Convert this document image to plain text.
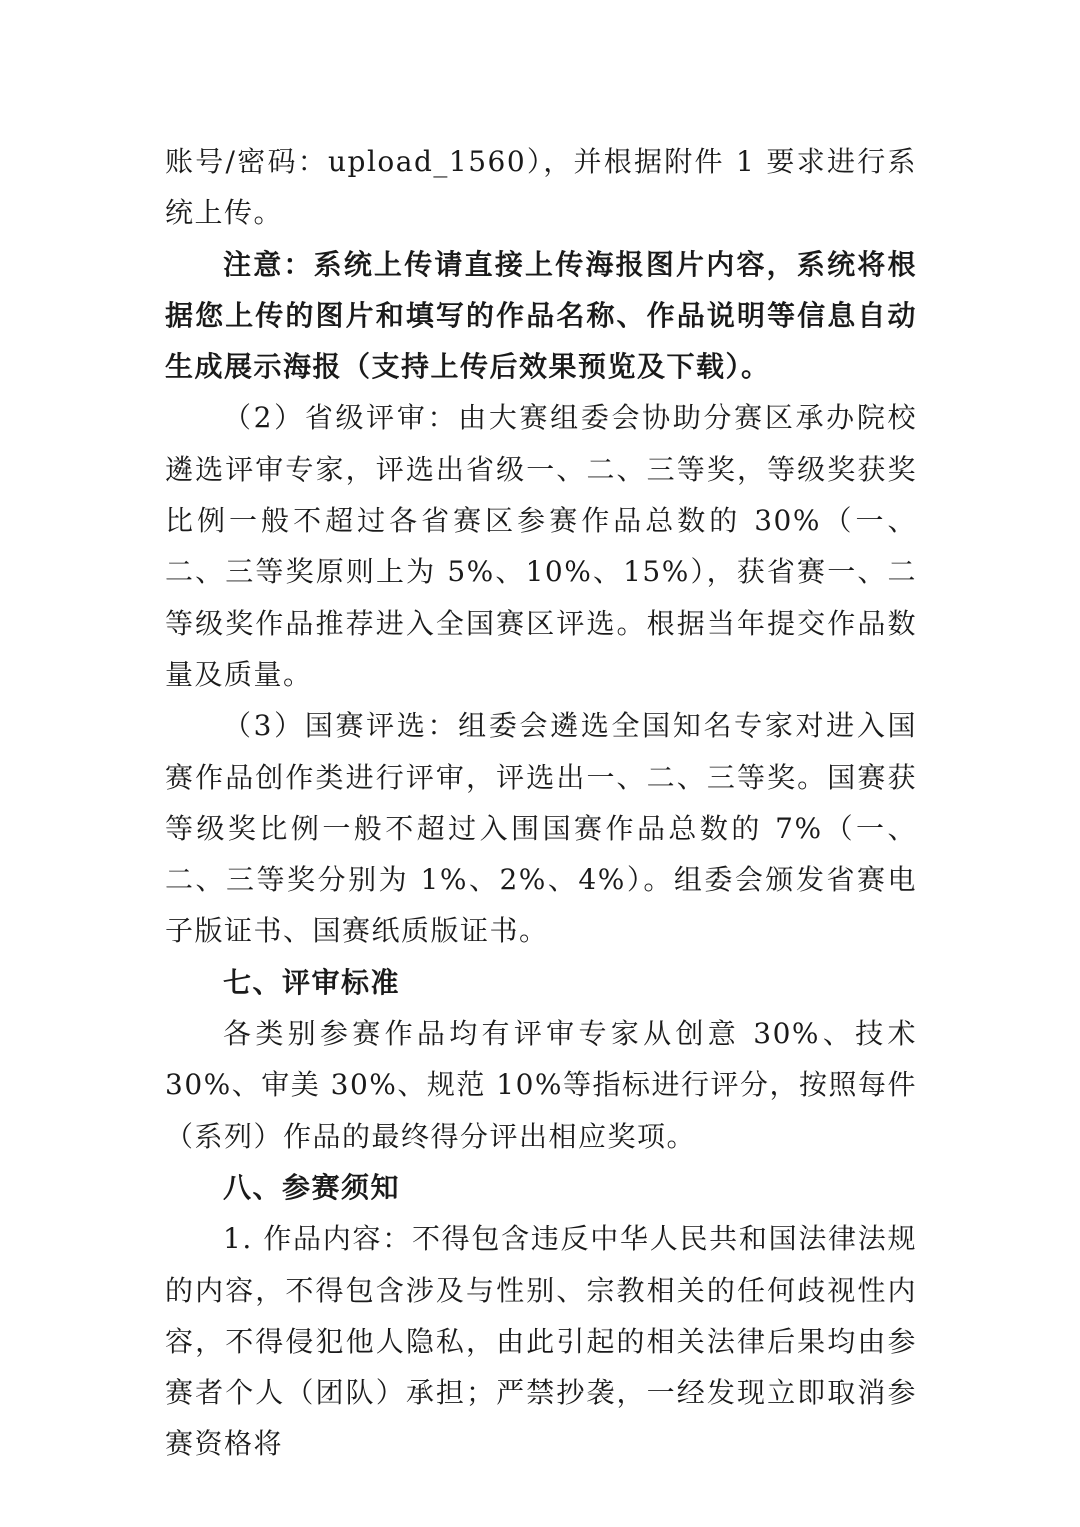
账号/密码：upload_1560），并根据附件 1 要求进行系统上传。

注意：系统上传请直接上传海报图片内容，系统将根据您上传的图片和填写的作品名称、作品说明等信息自动生成展示海报（支持上传后效果预览及下载）。

（2）省级评审：由大赛组委会协助分赛区承办院校遴选评审专家，评选出省级一、二、三等奖，等级奖获奖比例一般不超过各省赛区参赛作品总数的 30%（一、二、三等奖原则上为 5%、10%、15%），获省赛一、二等级奖作品推荐进入全国赛区评选。根据当年提交作品数量及质量。

（3）国赛评选：组委会遴选全国知名专家对进入国赛作品创作类进行评审，评选出一、二、三等奖。国赛获等级奖比例一般不超过入围国赛作品总数的 7%（一、二、三等奖分别为 1%、2%、4%）。组委会颁发省赛电子版证书、国赛纸质版证书。

七、评审标准

各类别参赛作品均有评审专家从创意 30%、技术 30%、审美 30%、规范 10%等指标进行评分，按照每件（系列）作品的最终得分评出相应奖项。

八、参赛须知

1. 作品内容：不得包含违反中华人民共和国法律法规的内容，不得包含涉及与性别、宗教相关的任何歧视性内容，不得侵犯他人隐私，由此引起的相关法律后果均由参赛者个人（团队）承担；严禁抄袭，一经发现立即取消参赛资格将
